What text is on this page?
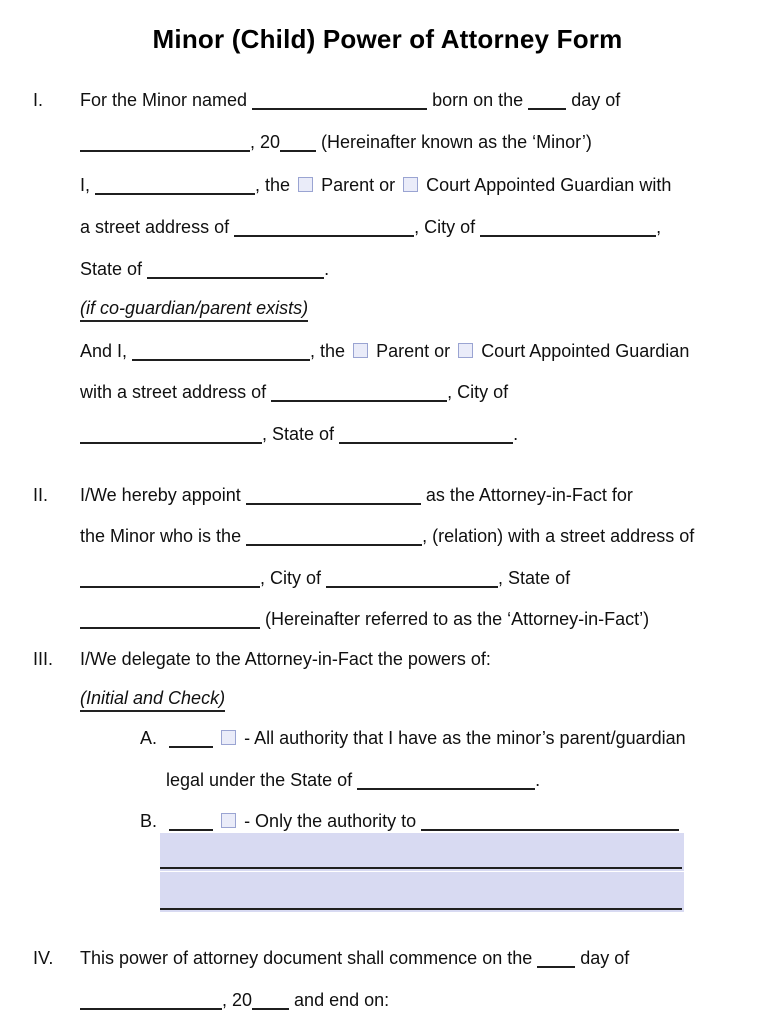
Minor (Child) Power of Attorney Form
I. For the Minor named	born on the	day of
, 20 (Hereinafter known as the ‘Minor’)
I,	, the Parent or Court Appointed Guardian with
a street address of	, City of	,
State of	.
(if co-guardian/parent exists)
And I,	, the Parent or Court Appointed Guardian
with a street address of	, City of
, State of	.
II. I/We hereby appoint	as the Attorney-in-Fact for
the Minor who is the	, (relation) with a street address of
, City of	, State of
(Hereinafter referred to as the ‘Attorney-in-Fact’)
III. I/We delegate to the Attorney-in-Fact the powers of:
(Initial and Check)
A.	- All authority that I have as the minor’s parent/guardian
legal under the State of	.
B.	- Only the authority to
IV. This power of attorney document shall commence on the	day of
, 20 and end on:
